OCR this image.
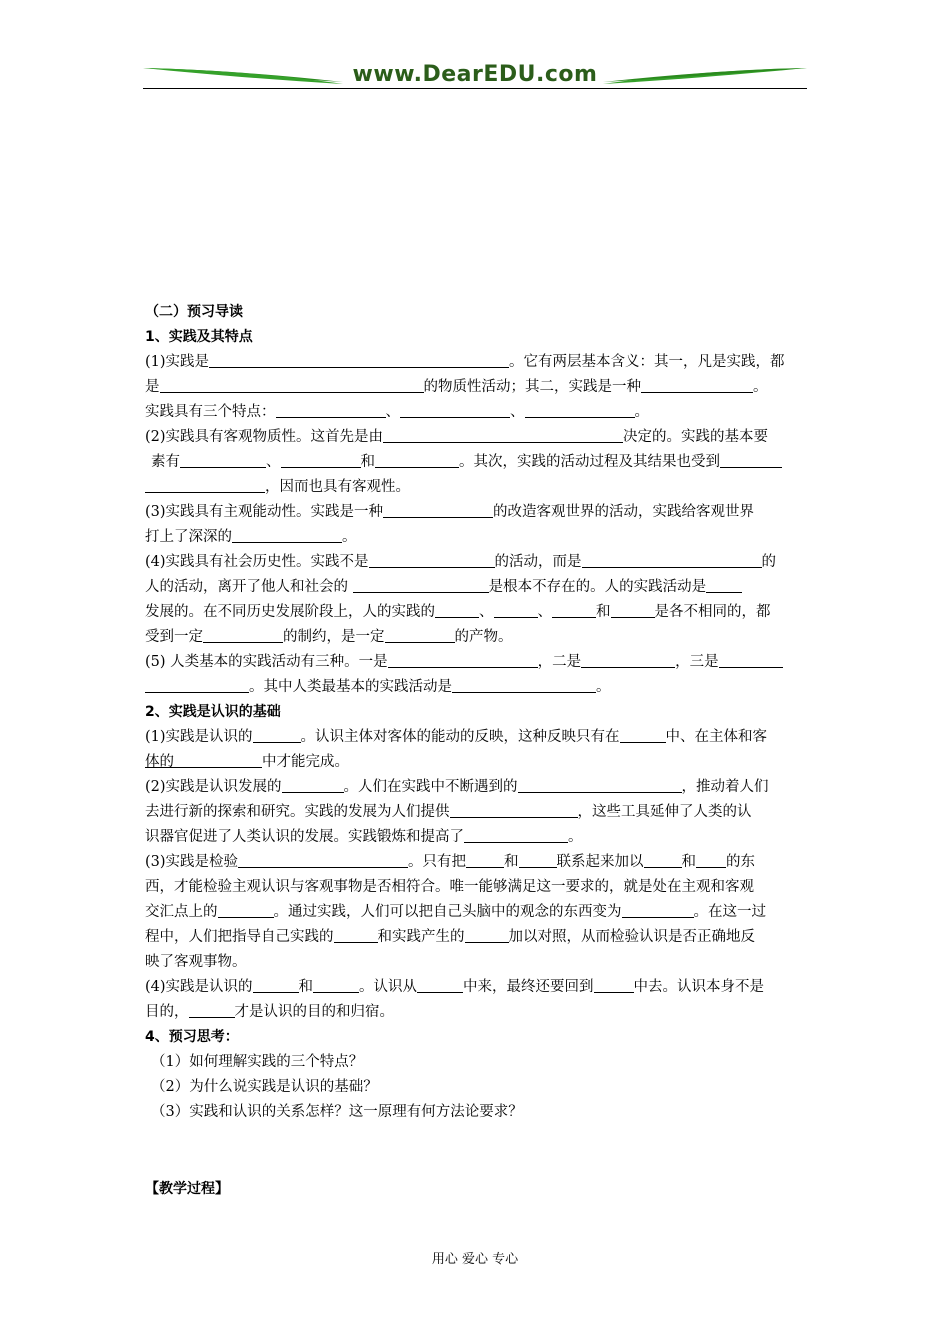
www.DearEDU.com
（二）预习导读
1、实践及其特点
(1)实践是	。它有两层基本含义：其一，凡是实践，都
是	的物质性活动；其二，实践是一种	。
实践具有三个特点：	、	、	。
(2)实践具有客观物质性。这首先是由	决定的。实践的基本要
素有	、	和	。其次，实践的活动过程及其结果也受到
，因而也具有客观性。
(3)实践具有主观能动性。实践是一种	的改造客观世界的活动，实践给客观世界
打上了深深的	。
(4)实践具有社会历史性。实践不是	的活动，而是	的
人的活动，离开了他人和社会的	是根本不存在的。人的实践活动是
发展的。在不同历史发展阶段上，人的实践的	、	、	和	是各不相同的，都
受到一定	的制约，是一定	的产物。
(5) 人类基本的实践活动有三种。一是	，二是	，三是
。其中人类最基本的实践活动是	。
2、实践是认识的基础
(1)实践是认识的	。认识主体对客体的能动的反映，这种反映只有在	中、在主体和客
体的	中才能完成。
(2)实践是认识发展的	。人们在实践中不断遇到的	，推动着人们
去进行新的探索和研究。实践的发展为人们提供	，这些工具延伸了人类的认
识器官促进了人类认识的发展。实践锻炼和提高了	。
(3)实践是检验	。只有把	和	联系起来加以	和 的东
西，才能检验主观认识与客观事物是否相符合。唯一能够满足这一要求的，就是处在主观和客观
交汇点上的	。通过实践，人们可以把自己头脑中的观念的东西变为	。在这一过
程中，人们把指导自己实践的	和实践产生的	加以对照，从而检验认识是否正确地反
映了客观事物。
(4)实践是认识的	和	。认识从	中来，最终还要回到	中去。认识本身不是
目的，	才是认识的目的和归宿。
4、预习思考：
（1）如何理解实践的三个特点？
（2）为什么说实践是认识的基础？
（3）实践和认识的关系怎样？这一原理有何方法论要求？
【教学过程】
用心 爱心 专心
